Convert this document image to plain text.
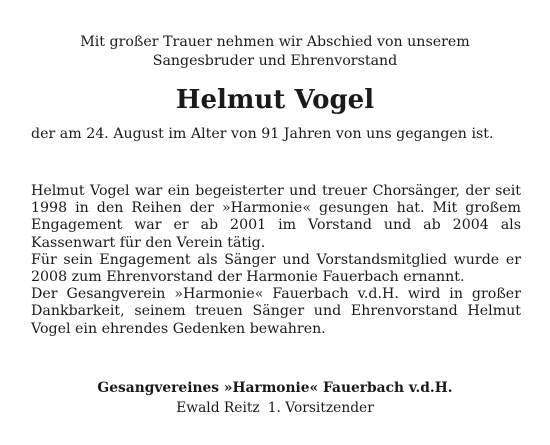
Mit großer Trauer nehmen wir Abschied von unserem
Sangesbruder und Ehrenvorstand
Helmut Vogel
der am 24. August im Alter von 91 Jahren von uns gegangen ist.

Helmut Vogel war ein begeisterter und treuer Chorsänger, der seit 1998 in den Reihen der »Harmonie« gesungen hat. Mit großem Engagement war er ab 2001 im Vorstand und ab 2004 als Kassenwart für den Verein tätig.

Für sein Engagement als Sänger und Vorstandsmitglied wurde er 2008 zum Ehrenvorstand der Harmonie Fauerbach ernannt.

Der Gesangverein »Harmonie« Fauerbach v.d.H. wird in großer Dankbarkeit, seinem treuen Sänger und Ehrenvorstand Helmut Vogel ein ehrendes Gedenken bewahren.

Gesangvereines »Harmonie« Fauerbach v.d.H.
Ewald Reitz 1. Vorsitzender
